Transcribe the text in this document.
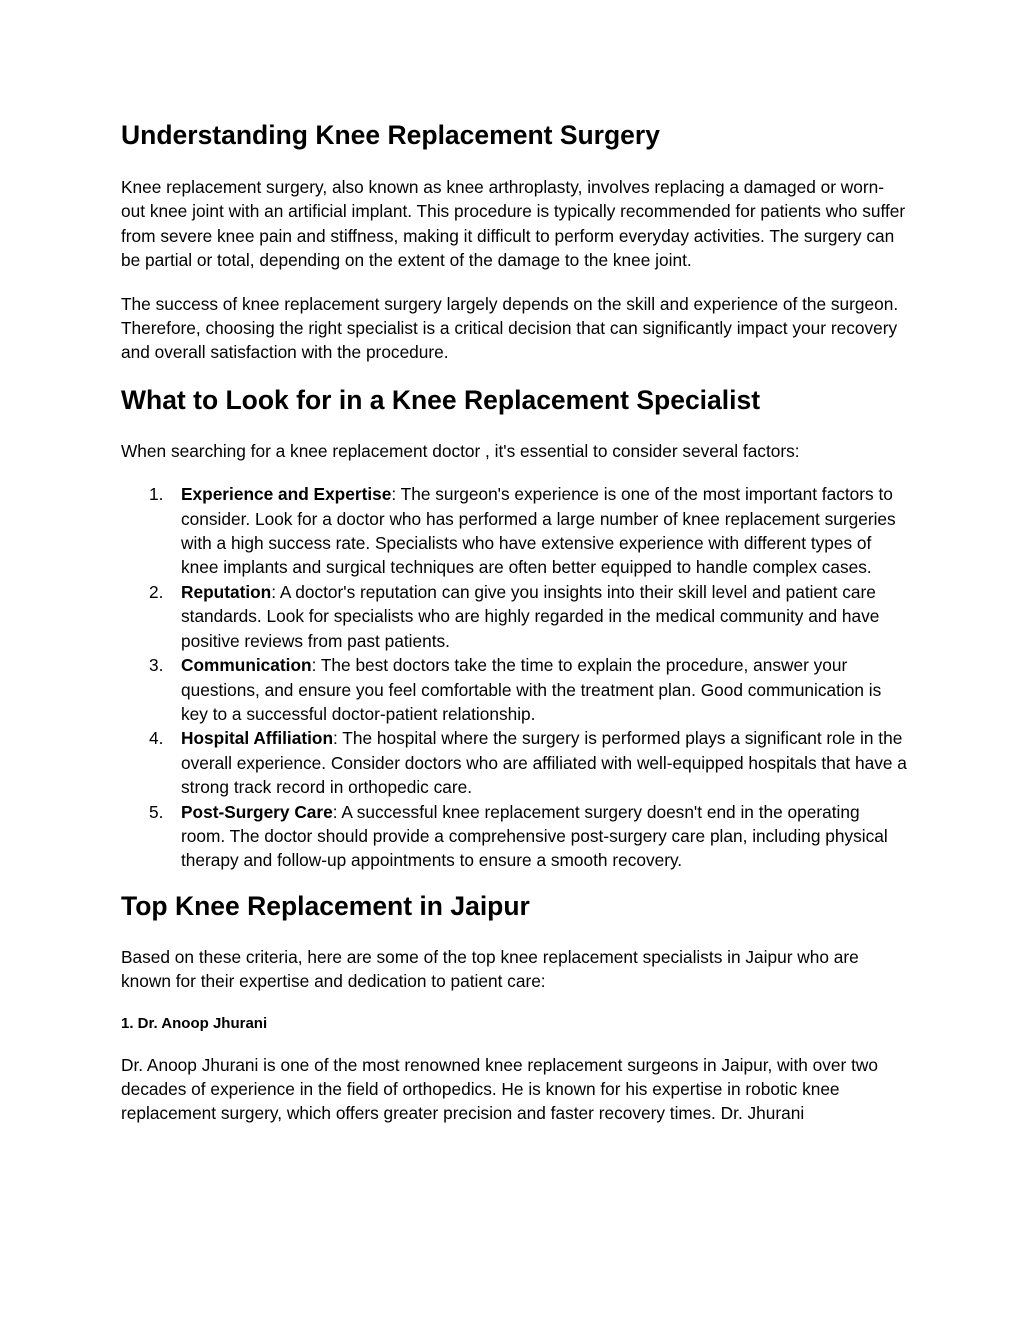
Understanding Knee Replacement Surgery

Knee replacement surgery, also known as knee arthroplasty, involves replacing a damaged or worn-out knee joint with an artificial implant. This procedure is typically recommended for patients who suffer from severe knee pain and stiffness, making it difficult to perform everyday activities. The surgery can be partial or total, depending on the extent of the damage to the knee joint.

The success of knee replacement surgery largely depends on the skill and experience of the surgeon. Therefore, choosing the right specialist is a critical decision that can significantly impact your recovery and overall satisfaction with the procedure.

What to Look for in a Knee Replacement Specialist

When searching for a knee replacement doctor , it's essential to consider several factors:

1. Experience and Expertise: The surgeon's experience is one of the most important factors to consider. Look for a doctor who has performed a large number of knee replacement surgeries with a high success rate. Specialists who have extensive experience with different types of knee implants and surgical techniques are often better equipped to handle complex cases.
2. Reputation: A doctor's reputation can give you insights into their skill level and patient care standards. Look for specialists who are highly regarded in the medical community and have positive reviews from past patients.
3. Communication: The best doctors take the time to explain the procedure, answer your questions, and ensure you feel comfortable with the treatment plan. Good communication is key to a successful doctor-patient relationship.
4. Hospital Affiliation: The hospital where the surgery is performed plays a significant role in the overall experience. Consider doctors who are affiliated with well-equipped hospitals that have a strong track record in orthopedic care.
5. Post-Surgery Care: A successful knee replacement surgery doesn't end in the operating room. The doctor should provide a comprehensive post-surgery care plan, including physical therapy and follow-up appointments to ensure a smooth recovery.
Top Knee Replacement in Jaipur

Based on these criteria, here are some of the top knee replacement specialists in Jaipur who are known for their expertise and dedication to patient care:

1. Dr. Anoop Jhurani

Dr. Anoop Jhurani is one of the most renowned knee replacement surgeons in Jaipur, with over two decades of experience in the field of orthopedics. He is known for his expertise in robotic knee replacement surgery, which offers greater precision and faster recovery times. Dr. Jhurani
